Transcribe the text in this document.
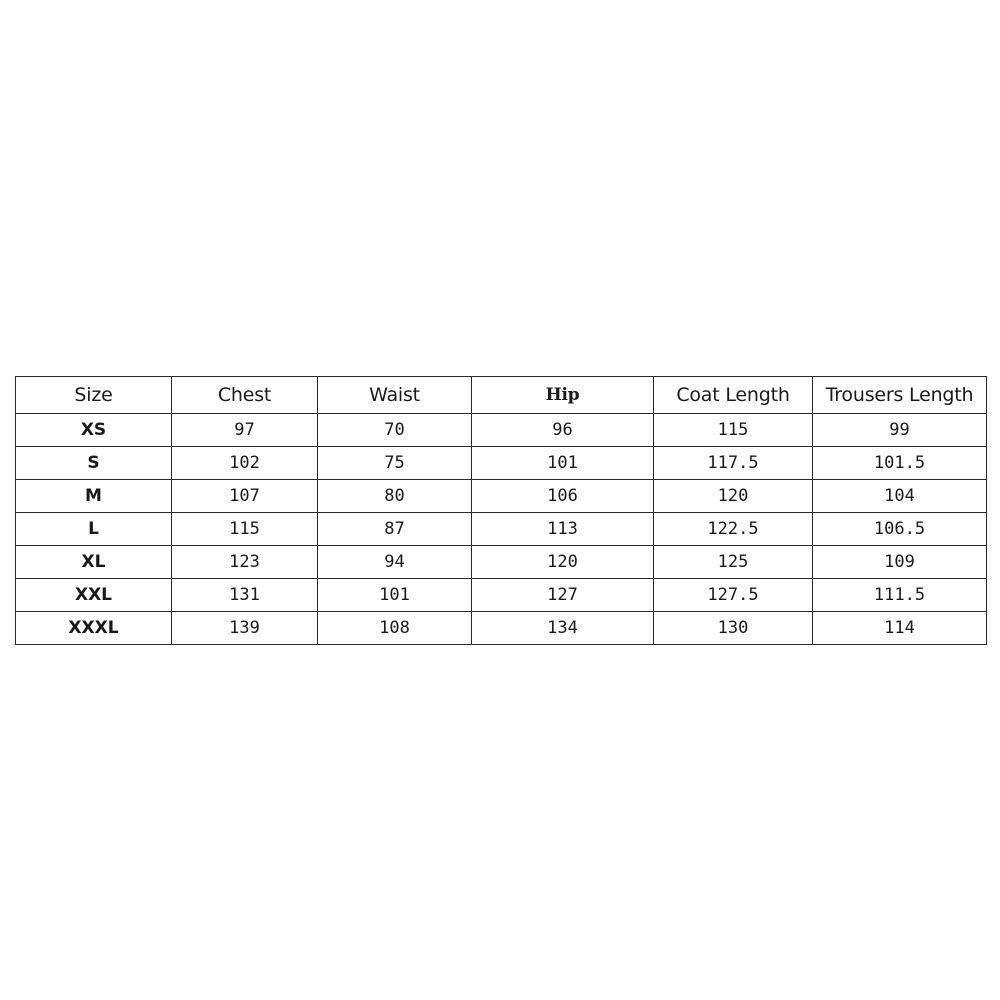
Size	Chest	Waist	Hip	Coat Length	Trousers Length
XS	97	70	96	115	99
S	102	75	101	117.5	101.5
M	107	80	106	120	104
L	115	87	113	122.5	106.5
XL	123	94	120	125	109
XXL	131	101	127	127.5	111.5
XXXL	139	108	134	130	114
